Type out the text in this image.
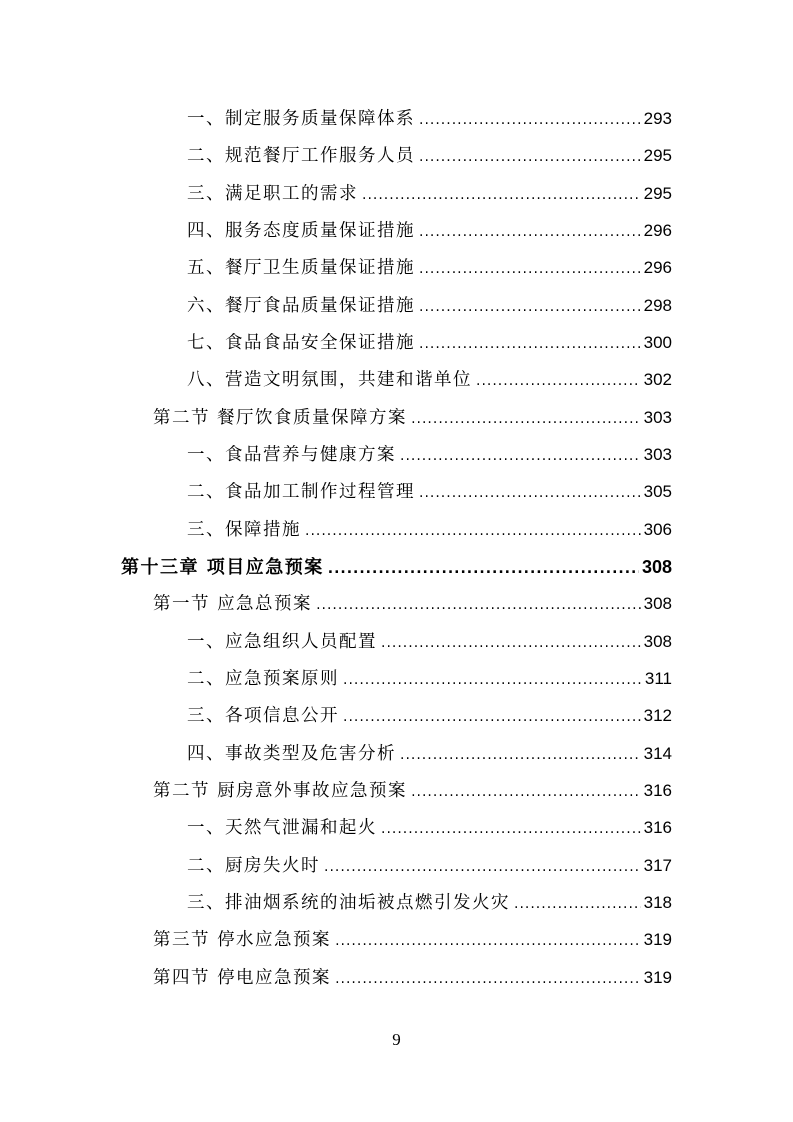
一、制定服务质量保障体系 .....	293
二、规范餐厅工作服务人员 .....	295
三、满足职工的需求 .....	295
四、服务态度质量保证措施 .....	296
五、餐厅卫生质量保证措施 .....	296
六、餐厅食品质量保证措施 .....	298
七、食品食品安全保证措施 .....	300
八、营造文明氛围，共建和谐单位 .....	302
第二节 餐厅饮食质量保障方案 .....	303
一、食品营养与健康方案 .....	303
二、食品加工制作过程管理 .....	305
三、保障措施 .....	306
第十三章 项目应急预案 .....	308
第一节 应急总预案 .....	308
一、应急组织人员配置 .....	308
二、应急预案原则 .....	311
三、各项信息公开 .....	312
四、事故类型及危害分析 .....	314
第二节 厨房意外事故应急预案 .....	316
一、天然气泄漏和起火 .....	316
二、厨房失火时 .....	317
三、排油烟系统的油垢被点燃引发火灾 .....	318
第三节 停水应急预案 .....	319
第四节 停电应急预案 .....	319
9
